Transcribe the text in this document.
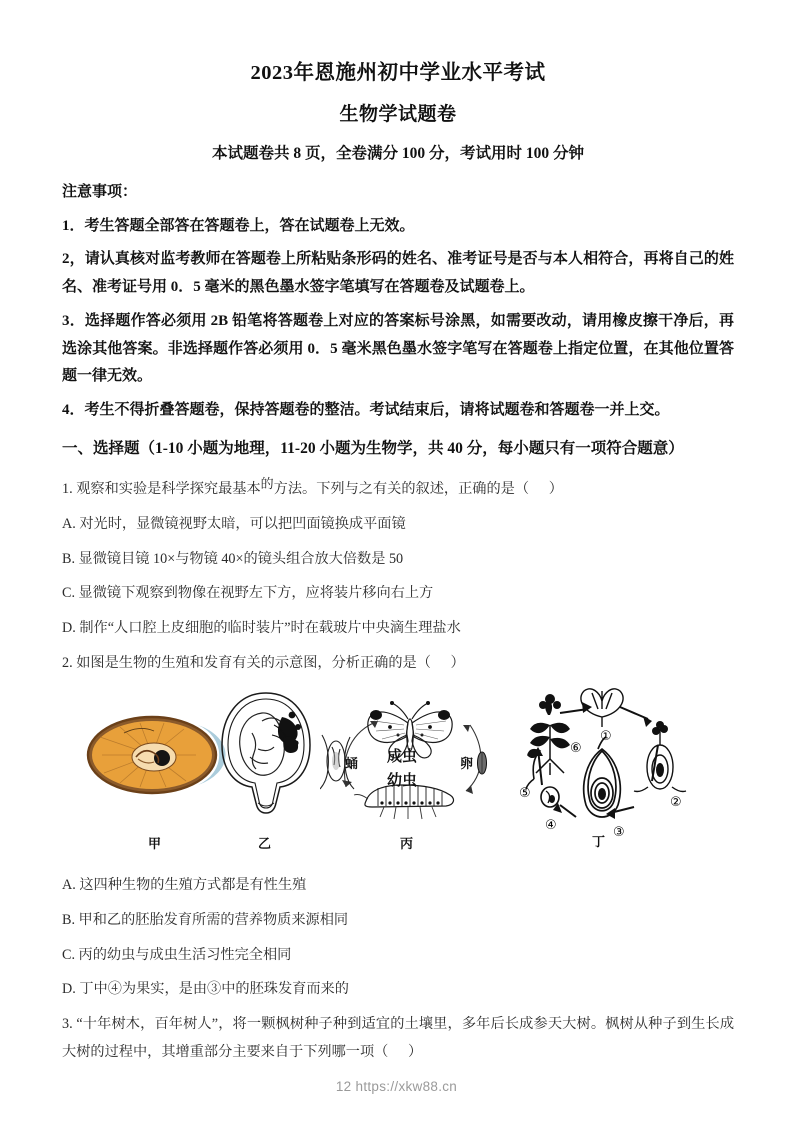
2023年恩施州初中学业水平考试
生物学试题卷
本试题卷共 8 页，全卷满分 100 分，考试用时 100 分钟
注意事项：
1．考生答题全部答在答题卷上，答在试题卷上无效。
2，请认真核对监考教师在答题卷上所粘贴条形码的姓名、准考证号是否与本人相符合，再将自己的姓名、准考证号用 0．5 毫米的黑色墨水签字笔填写在答题卷及试题卷上。
3．选择题作答必须用 2B 铅笔将答题卷上对应的答案标号涂黑，如需要改动，请用橡皮擦干净后，再选涂其他答案。非选择题作答必须用 0．5 毫米黑色墨水签字笔写在答题卷上指定位置，在其他位置答题一律无效。
4．考生不得折叠答题卷，保持答题卷的整洁。考试结束后，请将试题卷和答题卷一并上交。
一、选择题（1-10 小题为地理，11-20 小题为生物学，共 40 分，每小题只有一项符合题意）
1. 观察和实验是科学探究最基本的方法。下列与之有关的叙述，正确的是（ ）
A. 对光时，显微镜视野太暗，可以把凹面镜换成平面镜
B. 显微镜目镜 10×与物镜 40×的镜头组合放大倍数是 50
C. 显微镜下观察到物像在视野左下方，应将装片移向右上方
D. 制作“人口腔上皮细胞的临时装片”时在载玻片中央滴生理盐水
2. 如图是生物的生殖和发育有关的示意图，分析正确的是（ ）
甲	乙
成虫
幼虫
蛹	卵
丙
①
②
③
④
⑤
⑥
丁
A. 这四种生物的生殖方式都是有性生殖
B. 甲和乙的胚胎发育所需的营养物质来源相同
C. 丙的幼虫与成虫生活习性完全相同
D. 丁中④为果实，是由③中的胚珠发育而来的
3. “十年树木，百年树人”，将一颗枫树种子种到适宜的土壤里，多年后长成参天大树。枫树从种子到生长成大树的过程中，其增重部分主要来自于下列哪一项（ ）
12 https://xkw88.cn
